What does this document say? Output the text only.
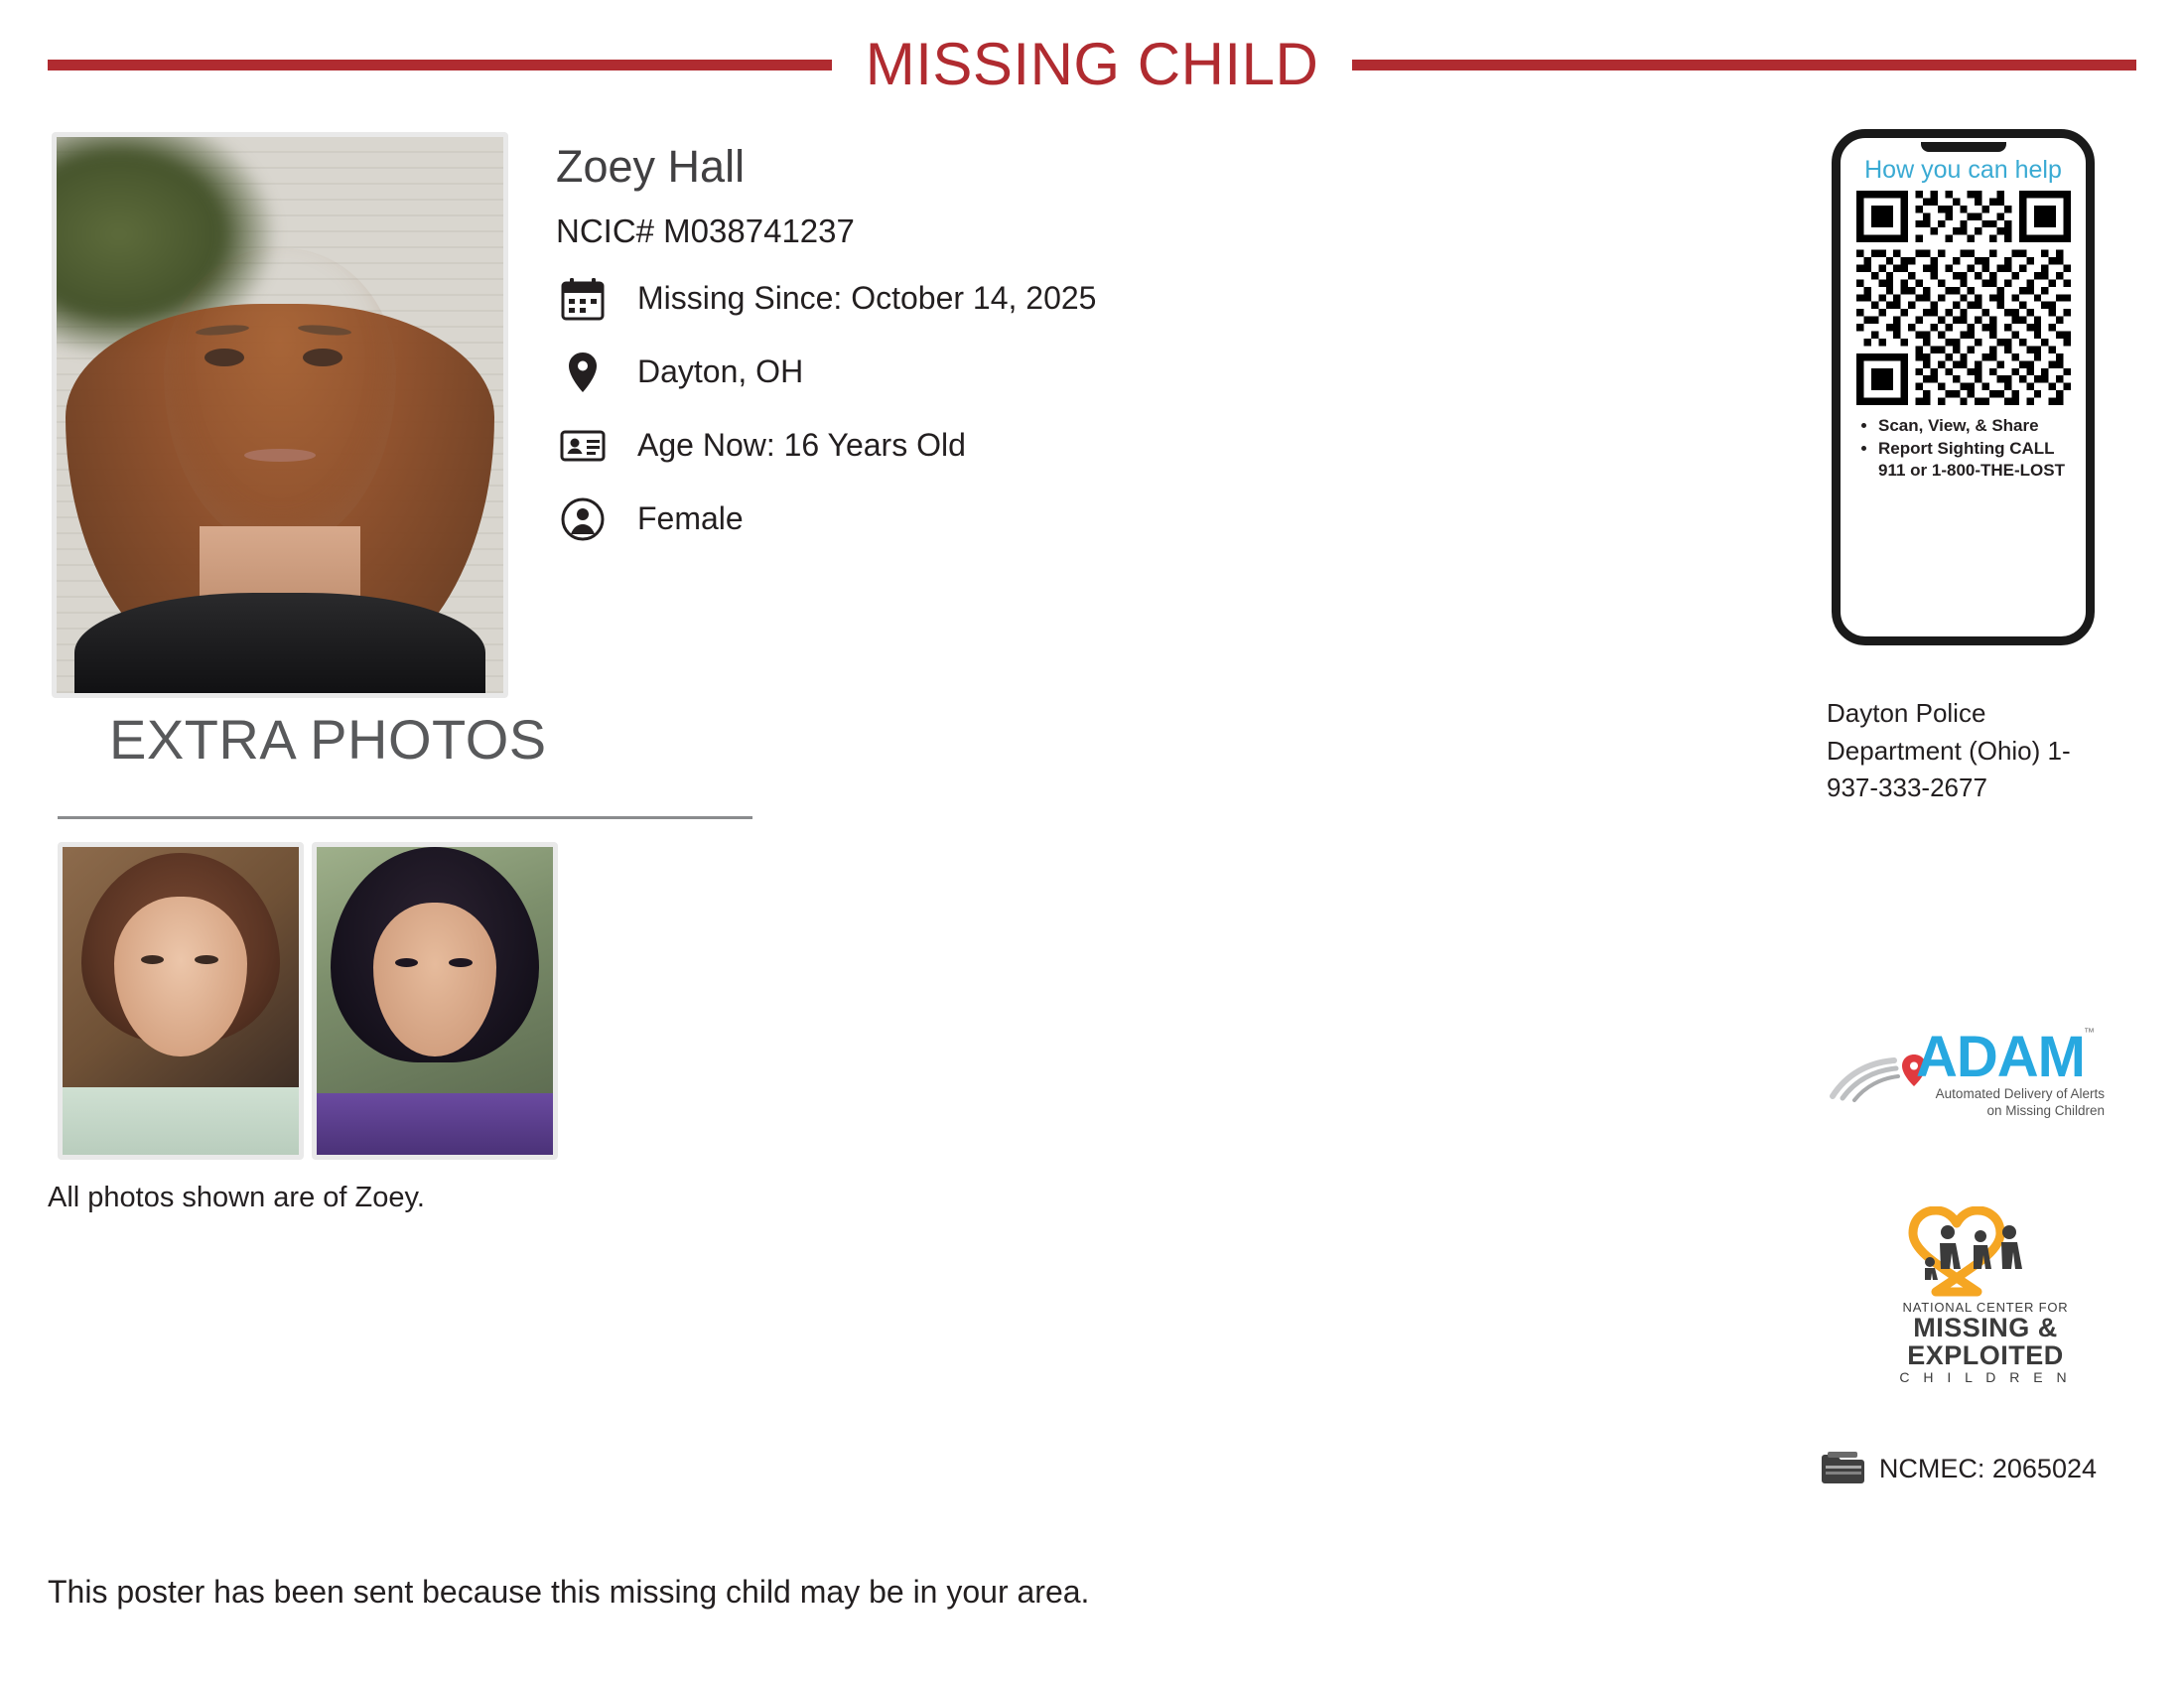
MISSING CHILD
Zoey Hall
NCIC# M038741237
Missing Since: October 14, 2025
Dayton, OH
Age Now: 16 Years Old
Female
EXTRA PHOTOS
All photos shown are of Zoey.
How you can help
• Scan, View, & Share
• Report Sighting CALL 911 or 1-800-THE-LOST
Dayton Police Department (Ohio) 1-937-333-2677
ADAM ™
Automated Delivery of Alerts
on Missing Children
NATIONAL CENTER FOR
MISSING &
EXPLOITED
C H I L D R E N
NCMEC: 2065024
This poster has been sent because this missing child may be in your area.
